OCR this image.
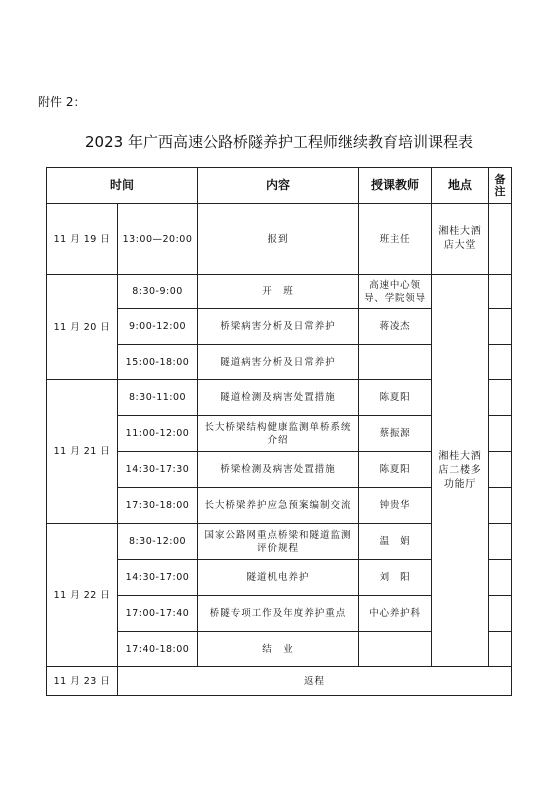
附件 2：
2023 年广西高速公路桥隧养护工程师继续教育培训课程表
时间		内容	授课教师	地点	备注
11 月 19 日	13:00—20:00	报到	班主任	湘桂大酒店大堂	
11 月 20 日	8:30-9:00	开　班	高速中心领导、学院领导	湘桂大酒店二楼多功能厅	
	9:00-12:00	桥梁病害分析及日常养护	蒋凌杰		
	15:00-18:00	隧道病害分析及日常养护			
11 月 21 日	8:30-11:00	隧道检测及病害处置措施	陈夏阳		
	11:00-12:00	长大桥梁结构健康监测单桥系统介绍	蔡振源		
	14:30-17:30	桥梁检测及病害处置措施	陈夏阳		
	17:30-18:00	长大桥梁养护应急预案编制交流	钟贵华		
11 月 22 日	8:30-12:00	国家公路网重点桥梁和隧道监测评价规程	温　娟		
	14:30-17:00	隧道机电养护	刘　阳		
	17:00-17:40	桥隧专项工作及年度养护重点	中心养护科		
	17:40-18:00	结　业			
11 月 23 日	返程				
